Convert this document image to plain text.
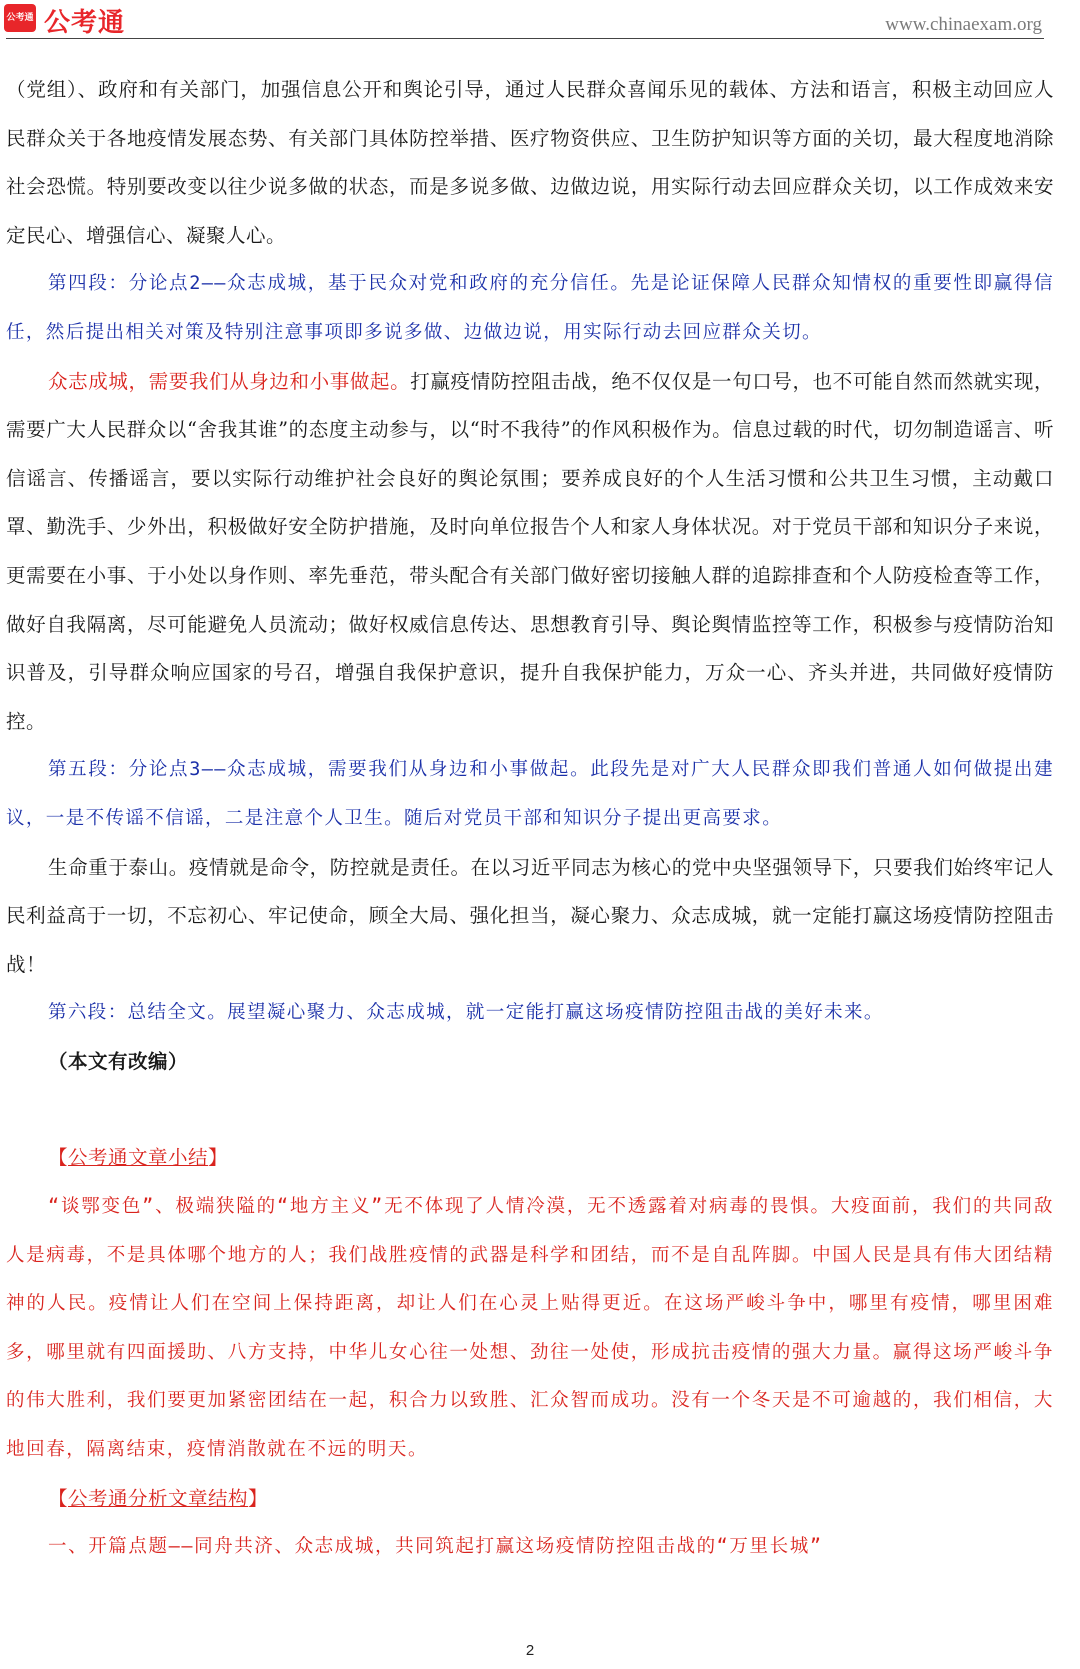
公考通 公考通	www.chinaexam.org

（党组）、政府和有关部门，加强信息公开和舆论引导，通过人民群众喜闻乐见的载体、方法和语言，积极主动回应人民群众关于各地疫情发展态势、有关部门具体防控举措、医疗物资供应、卫生防护知识等方面的关切，最大程度地消除社会恐慌。特别要改变以往少说多做的状态，而是多说多做、边做边说，用实际行动去回应群众关切，以工作成效来安定民心、增强信心、凝聚人心。

第四段：分论点2——众志成城，基于民众对党和政府的充分信任。先是论证保障人民群众知情权的重要性即赢得信任，然后提出相关对策及特别注意事项即多说多做、边做边说，用实际行动去回应群众关切。

众志成城，需要我们从身边和小事做起。打赢疫情防控阻击战，绝不仅仅是一句口号，也不可能自然而然就实现，需要广大人民群众以“舍我其谁”的态度主动参与，以“时不我待”的作风积极作为。信息过载的时代，切勿制造谣言、听信谣言、传播谣言，要以实际行动维护社会良好的舆论氛围；要养成良好的个人生活习惯和公共卫生习惯，主动戴口罩、勤洗手、少外出，积极做好安全防护措施，及时向单位报告个人和家人身体状况。对于党员干部和知识分子来说，更需要在小事、于小处以身作则、率先垂范，带头配合有关部门做好密切接触人群的追踪排查和个人防疫检查等工作，做好自我隔离，尽可能避免人员流动；做好权威信息传达、思想教育引导、舆论舆情监控等工作，积极参与疫情防治知识普及，引导群众响应国家的号召，增强自我保护意识，提升自我保护能力，万众一心、齐头并进，共同做好疫情防控。

第五段：分论点3——众志成城，需要我们从身边和小事做起。此段先是对广大人民群众即我们普通人如何做提出建议，一是不传谣不信谣，二是注意个人卫生。随后对党员干部和知识分子提出更高要求。

生命重于泰山。疫情就是命令，防控就是责任。在以习近平同志为核心的党中央坚强领导下，只要我们始终牢记人民利益高于一切，不忘初心、牢记使命，顾全大局、强化担当，凝心聚力、众志成城，就一定能打赢这场疫情防控阻击战！

第六段：总结全文。展望凝心聚力、众志成城，就一定能打赢这场疫情防控阻击战的美好未来。

（本文有改编）

【公考通文章小结】

“谈鄂变色”、极端狭隘的“地方主义”无不体现了人情冷漠，无不透露着对病毒的畏惧。大疫面前，我们的共同敌人是病毒，不是具体哪个地方的人；我们战胜疫情的武器是科学和团结，而不是自乱阵脚。中国人民是具有伟大团结精神的人民。疫情让人们在空间上保持距离，却让人们在心灵上贴得更近。在这场严峻斗争中，哪里有疫情，哪里困难多，哪里就有四面援助、八方支持，中华儿女心往一处想、劲往一处使，形成抗击疫情的强大力量。赢得这场严峻斗争的伟大胜利，我们要更加紧密团结在一起，积合力以致胜、汇众智而成功。没有一个冬天是不可逾越的，我们相信，大地回春，隔离结束，疫情消散就在不远的明天。

【公考通分析文章结构】

一、开篇点题——同舟共济、众志成城，共同筑起打赢这场疫情防控阻击战的“万里长城”

2
